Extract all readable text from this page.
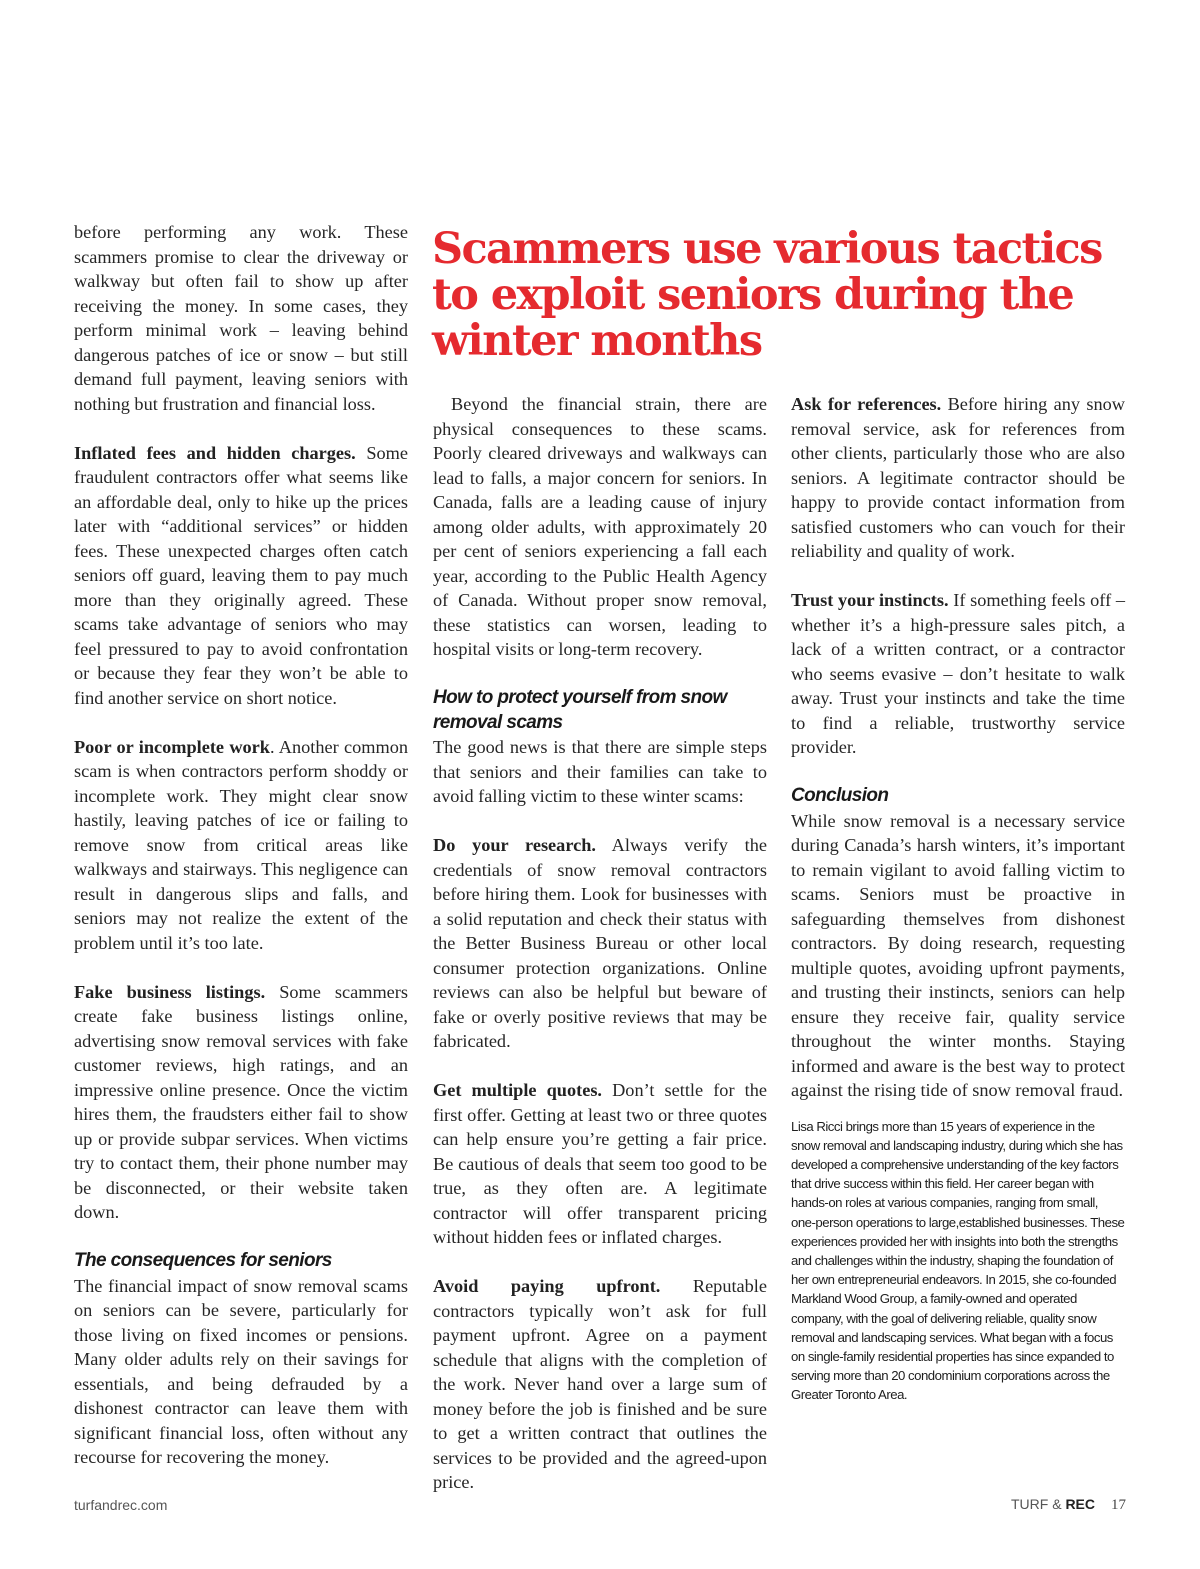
before performing any work. These scammers promise to clear the driveway or walkway but often fail to show up after receiving the money. In some cases, they perform minimal work – leaving behind dangerous patches of ice or snow – but still demand full payment, leaving seniors with nothing but frustration and financial loss.

Inflated fees and hidden charges. Some fraudulent contractors offer what seems like an affordable deal, only to hike up the prices later with “additional services” or hidden fees. These unexpected charges often catch seniors off guard, leaving them to pay much more than they originally agreed. These scams take advantage of seniors who may feel pressured to pay to avoid confrontation or because they fear they won’t be able to find another service on short notice.

Poor or incomplete work. Another common scam is when contractors perform shoddy or incomplete work. They might clear snow hastily, leaving patches of ice or failing to remove snow from critical areas like walkways and stairways. This negligence can result in dangerous slips and falls, and seniors may not realize the extent of the problem until it’s too late.

Fake business listings. Some scammers create fake business listings online, advertising snow removal services with fake customer reviews, high ratings, and an impressive online presence. Once the victim hires them, the fraudsters either fail to show up or provide subpar services. When victims try to contact them, their phone number may be disconnected, or their website taken down.

The consequences for seniors

The financial impact of snow removal scams on seniors can be severe, particularly for those living on fixed incomes or pensions. Many older adults rely on their savings for essentials, and being defrauded by a dishonest contractor can leave them with significant financial loss, often without any recourse for recovering the money.

Scammers use various tactics to exploit seniors during the winter months

Beyond the financial strain, there are physical consequences to these scams. Poorly cleared driveways and walkways can lead to falls, a major concern for seniors. In Canada, falls are a leading cause of injury among older adults, with approximately 20 per cent of seniors experiencing a fall each year, according to the Public Health Agency of Canada. Without proper snow removal, these statistics can worsen, leading to hospital visits or long-term recovery.

How to protect yourself from snow removal scams

The good news is that there are simple steps that seniors and their families can take to avoid falling victim to these winter scams:

Do your research. Always verify the credentials of snow removal contractors before hiring them. Look for businesses with a solid reputation and check their status with the Better Business Bureau or other local consumer protection organizations. Online reviews can also be helpful but beware of fake or overly positive reviews that may be fabricated.

Get multiple quotes. Don’t settle for the first offer. Getting at least two or three quotes can help ensure you’re getting a fair price. Be cautious of deals that seem too good to be true, as they often are. A legitimate contractor will offer transparent pricing without hidden fees or inflated charges.

Avoid paying upfront. Reputable contractors typically won’t ask for full payment upfront. Agree on a payment schedule that aligns with the completion of the work. Never hand over a large sum of money before the job is finished and be sure to get a written contract that outlines the services to be provided and the agreed-upon price.

Ask for references. Before hiring any snow removal service, ask for references from other clients, particularly those who are also seniors. A legitimate contractor should be happy to provide contact information from satisfied customers who can vouch for their reliability and quality of work.

Trust your instincts. If something feels off – whether it’s a high-pressure sales pitch, a lack of a written contract, or a contractor who seems evasive – don’t hesitate to walk away. Trust your instincts and take the time to find a reliable, trustworthy service provider.

Conclusion

While snow removal is a necessary service during Canada’s harsh winters, it’s important to remain vigilant to avoid falling victim to scams. Seniors must be proactive in safeguarding themselves from dishonest contractors. By doing research, requesting multiple quotes, avoiding upfront payments, and trusting their instincts, seniors can help ensure they receive fair, quality service throughout the winter months. Staying informed and aware is the best way to protect against the rising tide of snow removal fraud.

Lisa Ricci brings more than 15 years of experience in the snow removal and landscaping industry, during which she has developed a comprehensive understanding of the key factors that drive success within this field. Her career began with hands-on roles at various companies, ranging from small, one-person operations to large,established businesses. These experiences provided her with insights into both the strengths and challenges within the industry, shaping the foundation of her own entrepreneurial endeavors. In 2015, she co-founded Markland Wood Group, a family-owned and operated company, with the goal of delivering reliable, quality snow removal and landscaping services. What began with a focus on single-family residential properties has since expanded to serving more than 20 condominium corporations across the Greater Toronto Area.

turfandrec.com	TURF & REC 17
